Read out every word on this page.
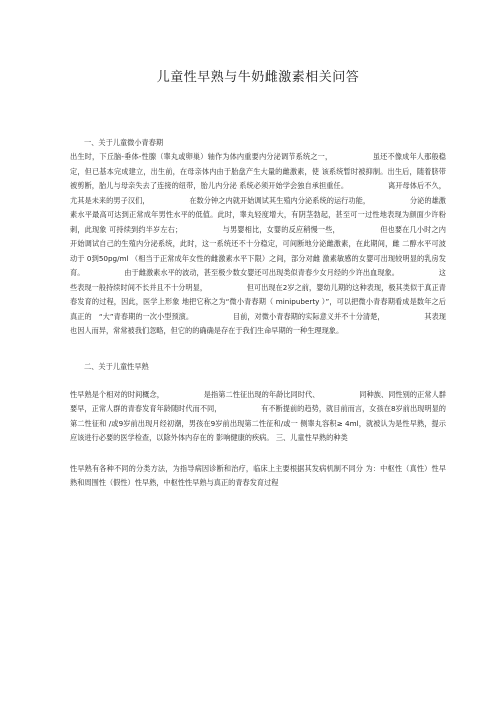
儿童性早熟与牛奶雌激素相关问答
一、关于儿童微小青春期

出生时，下丘脑-垂体-性腺（睾丸或卵巢）轴作为体内重要内分泌调节系统之一，　　　　　　虽还不像成年人那般稳定，但已基本完成建立，出生前，在母亲体内由于胎盘产生大量的雌激素，使 该系统暂时被抑制。出生后，随着脐带被剪断，胎儿与母亲失去了连接的纽带，胎儿内分泌 系统必须开始学会独自承担重任。　　　　　　离开母体后不久，尤其是未来的男子汉们，　　　　　　在数分钟之内就开始调试其生殖内分泌系统的运行功能，　　　　　　分泌的雄激素水平最高可达到正常成年男性水平的低值。此时，睾丸轻度增大，有阴茎勃起，甚至可一过性地表现为颜面少许粉刺，此现象 可持续到约半岁左右；　　　　　　与男婴相比，女婴的反应稍慢一些，　　　　　　但也要在几小时之内开始调试自己的生殖内分泌系统，此时，这一系统还不十分稳定，可间断地分泌雌激素，在此期间，雌 二醇水平可波动于 0到50pg/ml （相当于正常成年女性的雌激素水平下限）之间，部分对雌 激素敏感的女婴可出现较明显的乳房发育。　　　　　　由于雌激素水平的波动，甚至极少数女婴还可出现类似青春少女月经的少许出血现象。　　　　　　这些表现一般持续时间不长并且不十分明显，　　　　　　但可出现在2岁之前，婴幼儿期的这种表现，极其类似于真正青春发育的过程，因此，医学上形象 地把它称之为“微小青春期（ minipuberty ）”，可以把微小青春期看成是数年之后真正的　“大”青春期的一次小型预演。　　　　　　目前，对微小青春期的实际意义并不十分清楚，　　　　　　其表现也因人而异，常常被我们忽略，但它的的确确是存在于我们生命早期的一种生理现象。

二、关于儿童性早熟

性早熟是个相对的时间概念，　　　　　　是指第二性征出现的年龄比同时代、　　　　　　同种族、同性别的正常人群要早，正常人群的青春发育年龄随时代而不同，　　　　　　有不断提前的趋势，就目前而言，女孩在8岁前出现明显的第二性征和 /或9岁前出现月经初潮，男孩在9岁前出现第二性征和/或一 侧睾丸容积≥ 4ml，就被认为是性早熟，提示应该进行必要的医学检查，以除外体内存在的 影响健康的疾病。 三、儿童性早熟的种类

性早熟有各种不同的分类方法，为指导病因诊断和治疗，临床上主要根据其发病机制不同分 为：中枢性（真性）性早熟和周围性（假性）性早熟，中枢性性早熟与真正的青春发育过程
